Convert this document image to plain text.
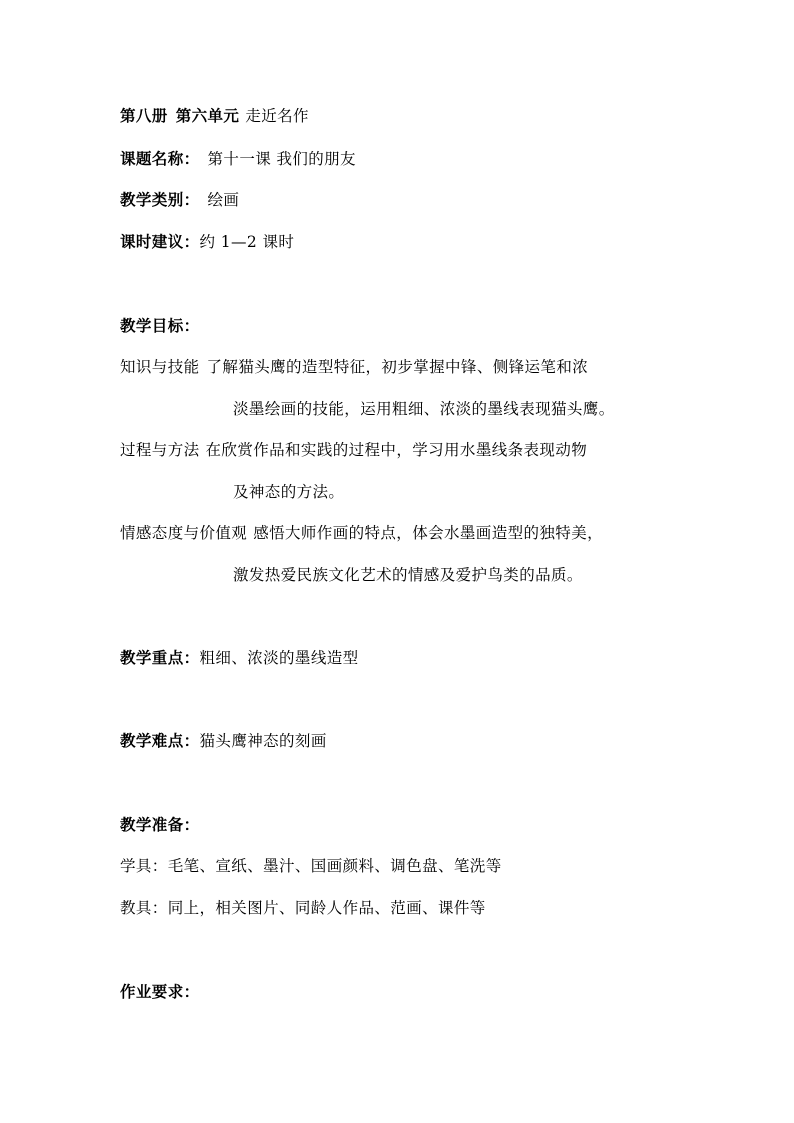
第八册 第六单元 走近名作
课题名称： 第十一课 我们的朋友
教学类别： 绘画
课时建议：约 1—2 课时
教学目标：
知识与技能 了解猫头鹰的造型特征，初步掌握中锋、侧锋运笔和浓
淡墨绘画的技能，运用粗细、浓淡的墨线表现猫头鹰。
过程与方法 在欣赏作品和实践的过程中，学习用水墨线条表现动物
及神态的方法。
情感态度与价值观 感悟大师作画的特点，体会水墨画造型的独特美，
激发热爱民族文化艺术的情感及爱护鸟类的品质。
教学重点：粗细、浓淡的墨线造型
教学难点：猫头鹰神态的刻画
教学准备：
学具：毛笔、宣纸、墨汁、国画颜料、调色盘、笔洗等
教具：同上，相关图片、同龄人作品、范画、课件等
作业要求：
